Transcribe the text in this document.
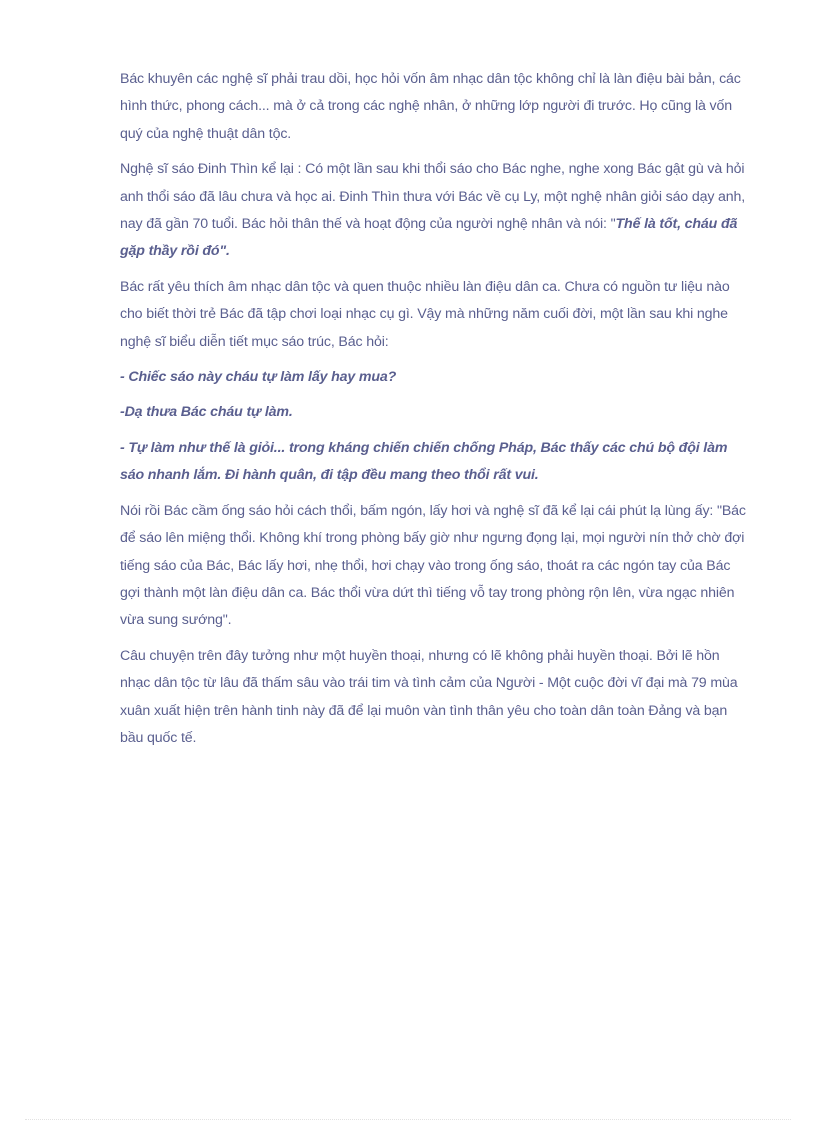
Bác khuyên các nghệ sĩ phải trau dồi, học hỏi vốn âm nhạc dân tộc không chỉ là làn điệu bài bản, các hình thức, phong cách... mà ở cả trong các nghệ nhân, ở những lớp người đi trước. Họ cũng là vốn quý của nghệ thuật dân tộc.

Nghệ sĩ sáo Đinh Thìn kể lại : Có một lần sau khi thổi sáo cho Bác nghe, nghe xong Bác gật gù và hỏi anh thổi sáo đã lâu chưa và học ai. Đinh Thìn thưa với Bác về cụ Ly, một nghệ nhân giỏi sáo dạy anh, nay đã gần 70 tuổi. Bác hỏi thân thế và hoạt động của người nghệ nhân và nói: "Thế là tốt, cháu đã gặp thầy rồi đó".

Bác rất yêu thích âm nhạc dân tộc và quen thuộc nhiều làn điệu dân ca. Chưa có nguồn tư liệu nào cho biết thời trẻ Bác đã tập chơi loại nhạc cụ gì. Vậy mà những năm cuối đời, một lần sau khi nghe nghệ sĩ biểu diễn tiết mục sáo trúc, Bác hỏi:

- Chiếc sáo này cháu tự làm lấy hay mua?

-Dạ thưa Bác cháu tự làm.

- Tự làm như thế là giỏi... trong kháng chiến chiến chống Pháp, Bác thấy các chú bộ đội làm sáo nhanh lắm. Đi hành quân, đi tập đều mang theo thổi rất vui.

Nói rồi Bác cầm ống sáo hỏi cách thổi, bấm ngón, lấy hơi và nghệ sĩ đã kể lại cái phút lạ lùng ấy: "Bác để sáo lên miệng thổi. Không khí trong phòng bấy giờ như ngưng đọng lại, mọi người nín thở chờ đợi tiếng sáo của Bác, Bác lấy hơi, nhẹ thổi, hơi chạy vào trong ống sáo, thoát ra các ngón tay của Bác gợi thành một làn điệu dân ca. Bác thổi vừa dứt thì tiếng vỗ tay trong phòng rộn lên, vừa ngạc nhiên vừa sung sướng".

Câu chuyện trên đây tưởng như một huyền thoại, nhưng có lẽ không phải huyền thoại. Bởi lẽ hồn nhạc dân tộc từ lâu đã thấm sâu vào trái tim và tình cảm của Người - Một cuộc đời vĩ đại mà 79 mùa xuân xuất hiện trên hành tinh này đã để lại muôn vàn tình thân yêu cho toàn dân toàn Đảng và bạn bầu quốc tế.
